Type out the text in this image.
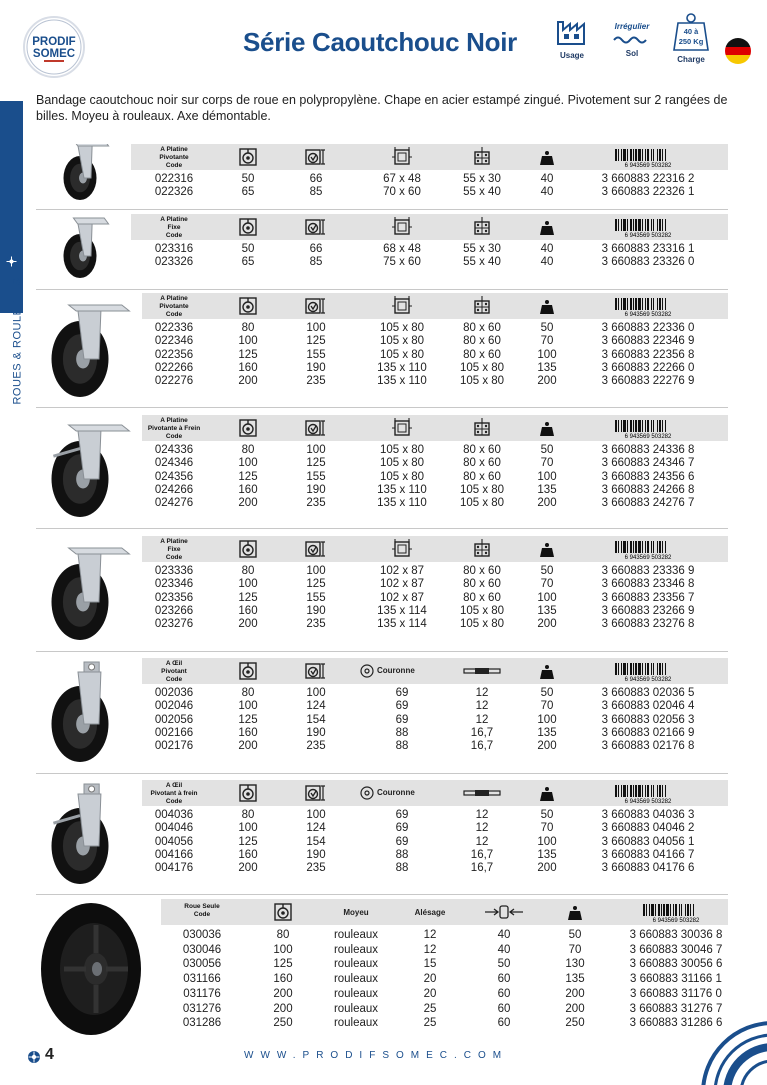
PRODIF
SOMEC	Série Caoutchouc Noir	Usage
Irrégulier
Sol
40 à
250 Kg
Charge
ROUES & ROULETTES
Bandage caoutchouc noir sur corps de roue en polypropylène. Chape en acier estampé zingué. Pivotement sur 2 rangées de billes. Moyeu à rouleaux. Axe démontable.
A Platine
Pivotante
Code	6 943569 503282
022316	50	66	67 x 48	55 x 30	40	3 660883 22316 2
022326	65	85	70 x 60	55 x 40	40	3 660883 22326 1
A Platine
Fixe
Code	6 943569 503282
023316	50	66	68 x 48	55 x 30	40	3 660883 23316 1
023326	65	85	75 x 60	55 x 40	40	3 660883 23326 0
A Platine
Pivotante
Code	6 943569 503282
022336	80	100	105 x 80	80 x 60	50	3 660883 22336 0
022346	100	125	105 x 80	80 x 60	70	3 660883 22346 9
022356	125	155	105 x 80	80 x 60	100	3 660883 22356 8
022266	160	190	135 x 110	105 x 80	135	3 660883 22266 0
022276	200	235	135 x 110	105 x 80	200	3 660883 22276 9
A Platine
Pivotante à Frein
Code	6 943569 503282
024336	80	100	105 x 80	80 x 60	50	3 660883 24336 8
024346	100	125	105 x 80	80 x 60	70	3 660883 24346 7
024356	125	155	105 x 80	80 x 60	100	3 660883 24356 6
024266	160	190	135 x 110	105 x 80	135	3 660883 24266 8
024276	200	235	135 x 110	105 x 80	200	3 660883 24276 7
A Platine
Fixe
Code	6 943569 503282
023336	80	100	102 x 87	80 x 60	50	3 660883 23336 9
023346	100	125	102 x 87	80 x 60	70	3 660883 23346 8
023356	125	155	102 x 87	80 x 60	100	3 660883 23356 7
023266	160	190	135 x 114	105 x 80	135	3 660883 23266 9
023276	200	235	135 x 114	105 x 80	200	3 660883 23276 8
A Œil
Pivotant
Code
Couronne
6 943569 503282
002036	80	100	69	12	50	3 660883 02036 5
002046	100	124	69	12	70	3 660883 02046 4
002056	125	154	69	12	100	3 660883 02056 3
002166	160	190	88	16,7	135	3 660883 02166 9
002176	200	235	88	16,7	200	3 660883 02176 8
A Œil
Pivotant à frein
Code
Couronne
6 943569 503282
004036	80	100	69	12	50	3 660883 04036 3
004046	100	124	69	12	70	3 660883 04046 2
004056	125	154	69	12	100	3 660883 04056 1
004166	160	190	88	16,7	135	3 660883 04166 7
004176	200	235	88	16,7	200	3 660883 04176 6
Roue Seule
Code	Moyeu	Alésage
6 943569 503282
030036	80	rouleaux	12	40	50	3 660883 30036 8
030046	100	rouleaux	12	40	70	3 660883 30046 7
030056	125	rouleaux	15	50	130	3 660883 30056 6
031166	160	rouleaux	20	60	135	3 660883 31166 1
031176	200	rouleaux	20	60	200	3 660883 31176 0
031276	200	rouleaux	25	60	200	3 660883 31276 7
031286	250	rouleaux	25	60	250	3 660883 31286 6
4	WWW.PRODIFSOMEC.COM
